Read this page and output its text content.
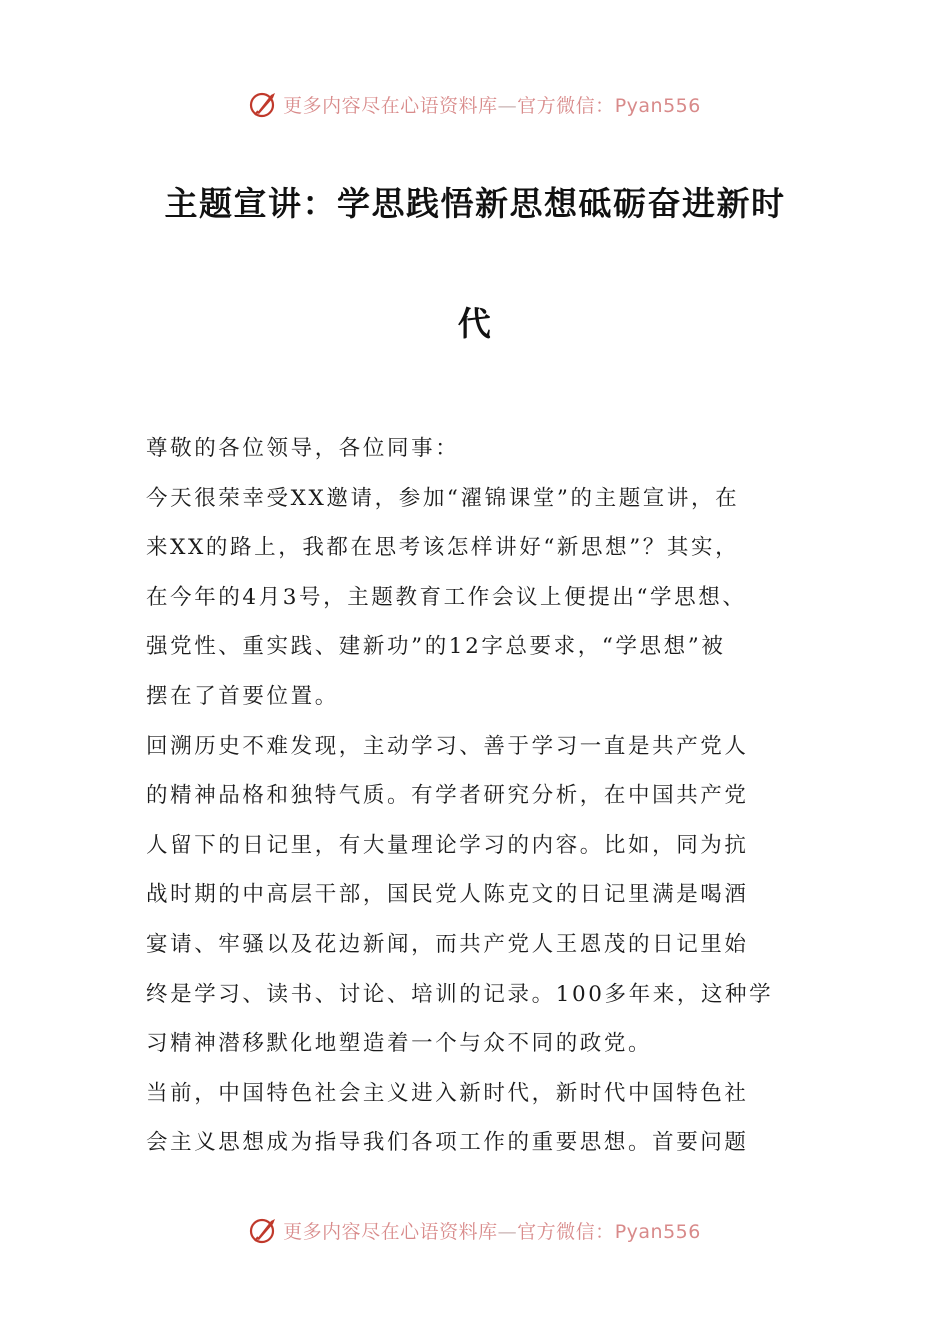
更多内容尽在心语资料库—官方微信：Pyan556
主题宣讲：学思践悟新思想砥砺奋进新时
代

尊敬的各位领导，各位同事：

今天很荣幸受XX邀请，参加“濯锦课堂”的主题宣讲，在

来XX的路上，我都在思考该怎样讲好“新思想”？其实，

在今年的4月3号，主题教育工作会议上便提出“学思想、

强党性、重实践、建新功”的12字总要求，“学思想”被

摆在了首要位置。

回溯历史不难发现，主动学习、善于学习一直是共产党人

的精神品格和独特气质。有学者研究分析，在中国共产党

人留下的日记里，有大量理论学习的内容。比如，同为抗

战时期的中高层干部，国民党人陈克文的日记里满是喝酒

宴请、牢骚以及花边新闻，而共产党人王恩茂的日记里始

终是学习、读书、讨论、培训的记录。100多年来，这种学

习精神潜移默化地塑造着一个与众不同的政党。

当前，中国特色社会主义进入新时代，新时代中国特色社

会主义思想成为指导我们各项工作的重要思想。首要问题

更多内容尽在心语资料库—官方微信：Pyan556
